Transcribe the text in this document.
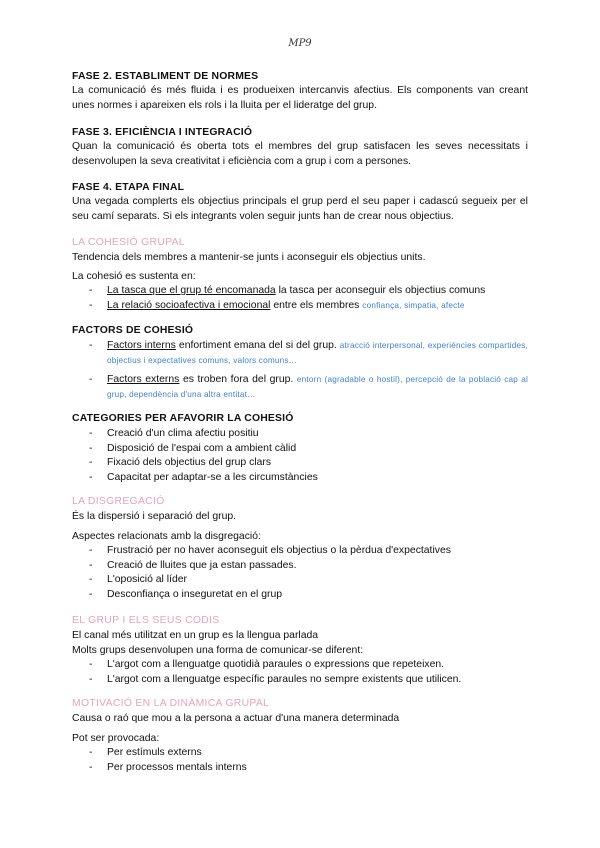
MP9
FASE 2. ESTABLIMENT DE NORMES

La comunicació és més fluida i es produeixen intercanvis afectius. Els components van creant unes normes i apareixen els rols i la lluita per el lideratge del grup.

FASE 3. EFICIÈNCIA I INTEGRACIÓ

Quan la comunicació és oberta tots el membres del grup satisfacen les seves necessitats i desenvolupen la seva creativitat i eficiència com a grup i com a persones.

FASE 4. ETAPA FINAL

Una vegada complerts els objectius principals el grup perd el seu paper i cadascú segueix per el seu camí separats. Si els integrants volen seguir junts han de crear nous objectius.

LA COHESIÓ GRUPAL

Tendencia dels membres a mantenir-se junts i aconseguir els objectius units.

La cohesió es sustenta en:

- La tasca que el grup té encomanada la tasca per aconseguir els objectius comuns
- La relació socioafectiva i emocional entre els membres confiança, simpatia, afecte
FACTORS DE COHESIÓ
- Factors interns enfortiment emana del si del grup. atracció interpersonal, experiències compartides, objectius i expectatives comuns, valors comuns…
- Factors externs es troben fora del grup. entorn (agradable o hostil), percepció de la població cap al grup, dependència d'una altra entitat…
CATEGORIES PER AFAVORIR LA COHESIÓ
- Creació d'un clima afectiu positiu
- Disposició de l'espai com a ambient càlid
- Fixació dels objectius del grup clars
- Capacitat per adaptar-se a les circumstàncies
LA DISGREGACIÓ

És la dispersió i separació del grup.

Aspectes relacionats amb la disgregació:

- Frustració per no haver aconseguit els objectius o la pèrdua d'expectatives
- Creació de lluites que ja estan passades.
- L'oposició al líder
- Desconfiança o inseguretat en el grup
EL GRUP I ELS SEUS CODIS

El canal més utilitzat en un grup es la llengua parlada

Molts grups desenvolupen una forma de comunicar-se diferent:

- L'argot com a llenguatge quotidià paraules o expressions que repeteixen.
- L'argot com a llenguatge específic paraules no sempre existents que utilicen.
MOTIVACIÓ EN LA DINÀMICA GRUPAL

Causa o raó que mou a la persona a actuar d'una manera determinada

Pot ser provocada:

- Per estímuls externs
- Per processos mentals interns
